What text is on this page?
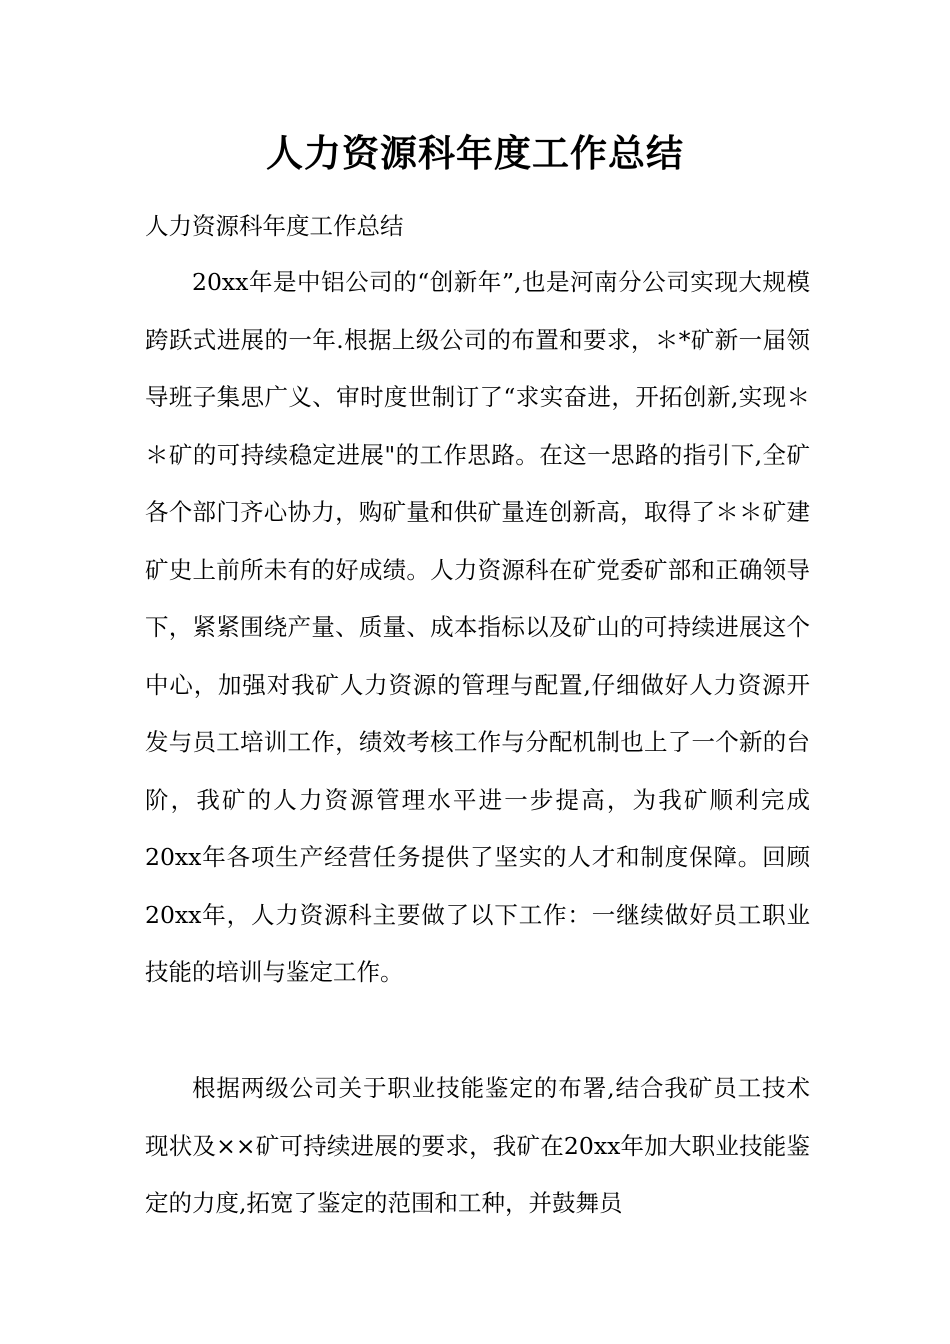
人力资源科年度工作总结

人力资源科年度工作总结

20xx年是中铝公司的“创新年”,也是河南分公司实现大规模跨跃式进展的一年.根据上级公司的布置和要求，＊*矿新一届领导班子集思广义、审时度世制订了“求实奋进，开拓创新,实现＊＊矿的可持续稳定进展"的工作思路。在这一思路的指引下,全矿各个部门齐心协力，购矿量和供矿量连创新高，取得了＊＊矿建矿史上前所未有的好成绩。人力资源科在矿党委矿部和正确领导下，紧紧围绕产量、质量、成本指标以及矿山的可持续进展这个中心，加强对我矿人力资源的管理与配置,仔细做好人力资源开发与员工培训工作，绩效考核工作与分配机制也上了一个新的台阶，我矿的人力资源管理水平进一步提高，为我矿顺利完成20xx年各项生产经营任务提供了坚实的人才和制度保障。回顾20xx年，人力资源科主要做了以下工作：一继续做好员工职业技能的培训与鉴定工作。

根据两级公司关于职业技能鉴定的布署,结合我矿员工技术现状及××矿可持续进展的要求，我矿在20xx年加大职业技能鉴定的力度,拓宽了鉴定的范围和工种，并鼓舞员
